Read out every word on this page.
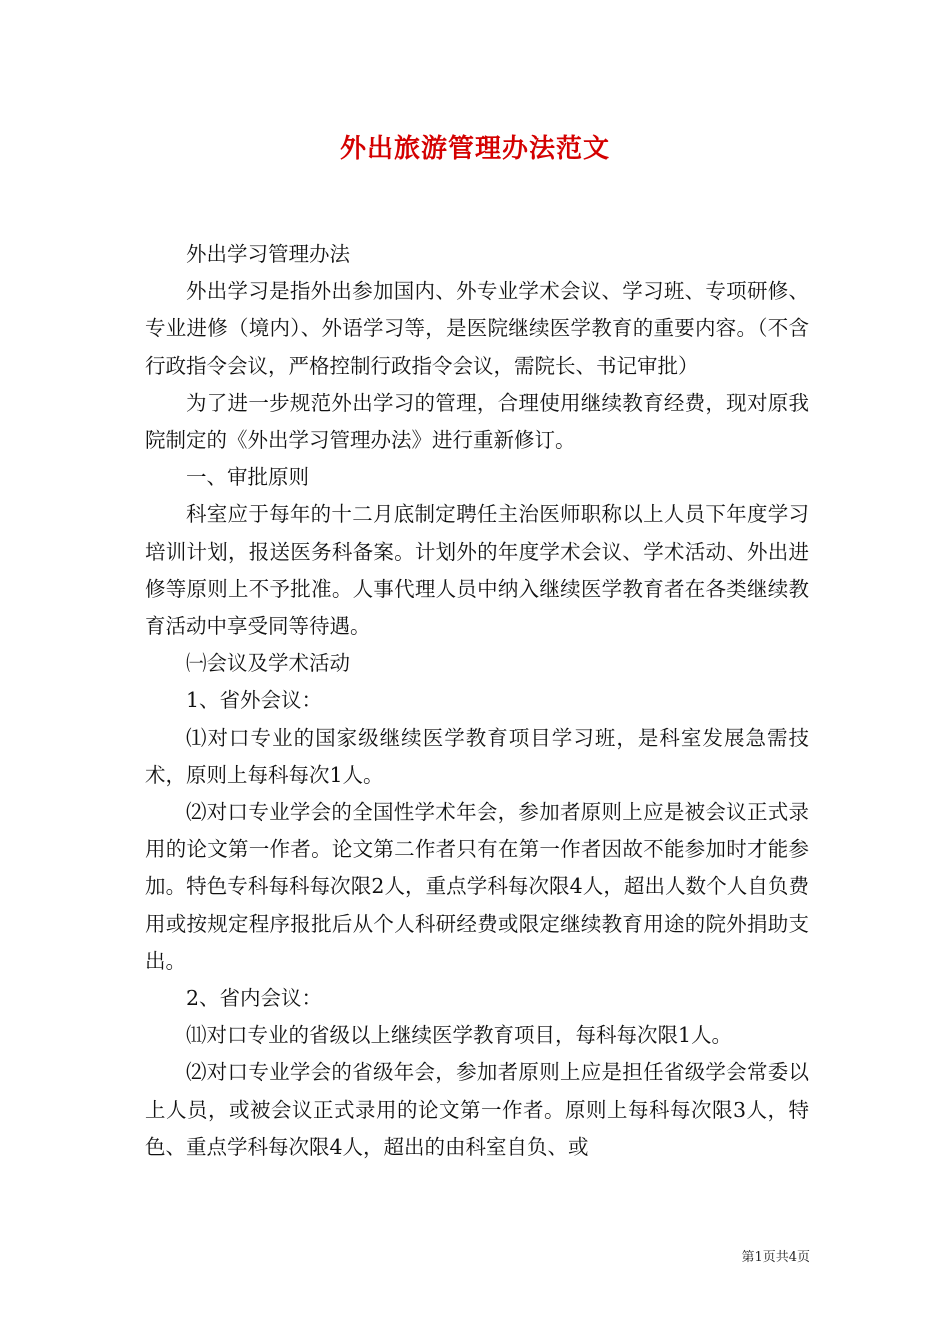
外出旅游管理办法范文

外出学习管理办法

外出学习是指外出参加国内、外专业学术会议、学习班、专项研修、专业进修（境内）、外语学习等，是医院继续医学教育的重要内容。（不含行政指令会议，严格控制行政指令会议，需院长、书记审批）

为了进一步规范外出学习的管理，合理使用继续教育经费，现对原我院制定的《外出学习管理办法》进行重新修订。

一、审批原则

科室应于每年的十二月底制定聘任主治医师职称以上人员下年度学习培训计划，报送医务科备案。计划外的年度学术会议、学术活动、外出进修等原则上不予批准。人事代理人员中纳入继续医学教育者在各类继续教育活动中享受同等待遇。

㈠会议及学术活动

1、省外会议：

⑴对口专业的国家级继续医学教育项目学习班，是科室发展急需技术，原则上每科每次1人。

⑵对口专业学会的全国性学术年会，参加者原则上应是被会议正式录用的论文第一作者。论文第二作者只有在第一作者因故不能参加时才能参加。特色专科每科每次限2人，重点学科每次限4人，超出人数个人自负费用或按规定程序报批后从个人科研经费或限定继续教育用途的院外捐助支出。

2、省内会议：

⑾对口专业的省级以上继续医学教育项目，每科每次限1人。

⑵对口专业学会的省级年会，参加者原则上应是担任省级学会常委以上人员，或被会议正式录用的论文第一作者。原则上每科每次限3人，特色、重点学科每次限4人，超出的由科室自负、或

第1页共4页
